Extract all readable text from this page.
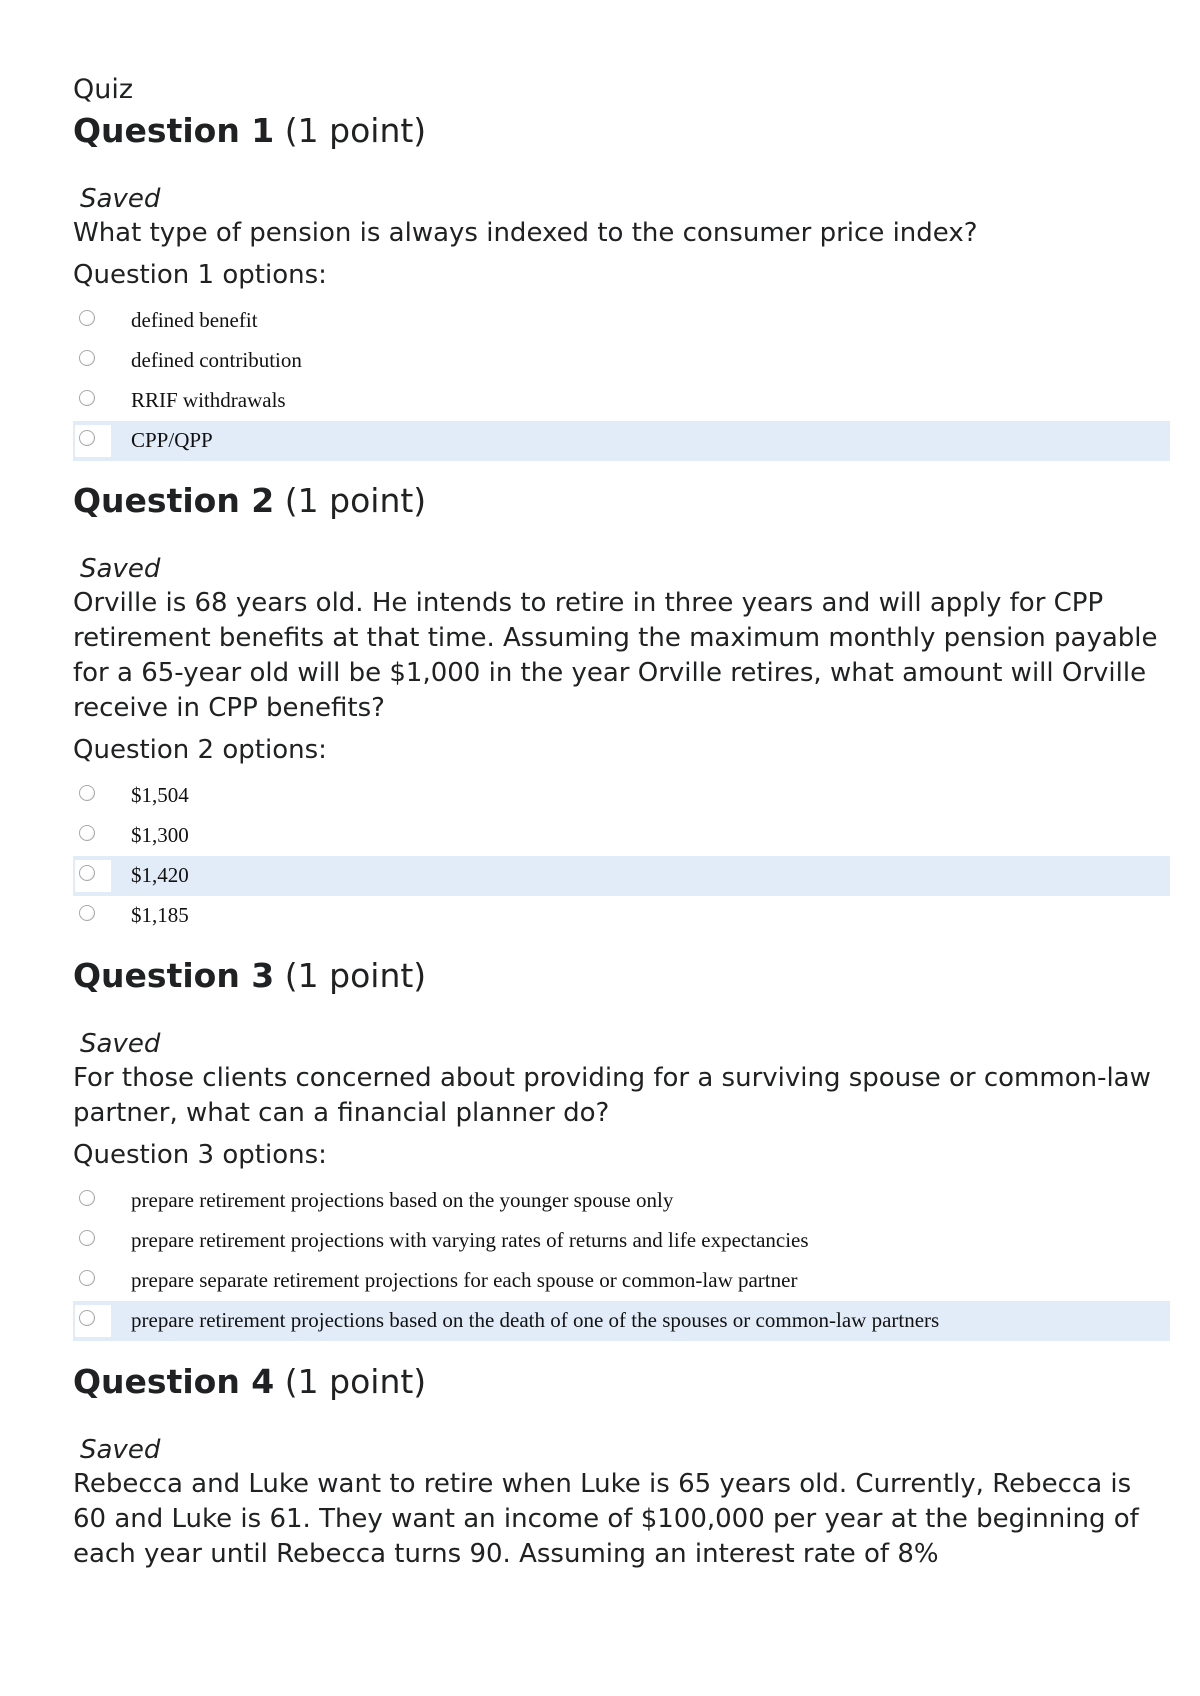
Quiz
Question 1 (1 point)
Saved

What type of pension is always indexed to the consumer price index?

Question 1 options:
defined benefit
defined contribution
RRIF withdrawals
CPP/QPP
Question 2 (1 point)
Saved

Orville is 68 years old. He intends to retire in three years and will apply for CPP retirement benefits at that time. Assuming the maximum monthly pension payable for a 65-year old will be $1,000 in the year Orville retires, what amount will Orville receive in CPP benefits?

Question 2 options:
$1,504
$1,300
$1,420
$1,185
Question 3 (1 point)
Saved

For those clients concerned about providing for a surviving spouse or common-law partner, what can a financial planner do?

Question 3 options:
prepare retirement projections based on the younger spouse only
prepare retirement projections with varying rates of returns and life expectancies
prepare separate retirement projections for each spouse or common-law partner
prepare retirement projections based on the death of one of the spouses or common-law partners
Question 4 (1 point)
Saved

Rebecca and Luke want to retire when Luke is 65 years old. Currently, Rebecca is 60 and Luke is 61. They want an income of $100,000 per year at the beginning of each year until Rebecca turns 90. Assuming an interest rate of 8%
